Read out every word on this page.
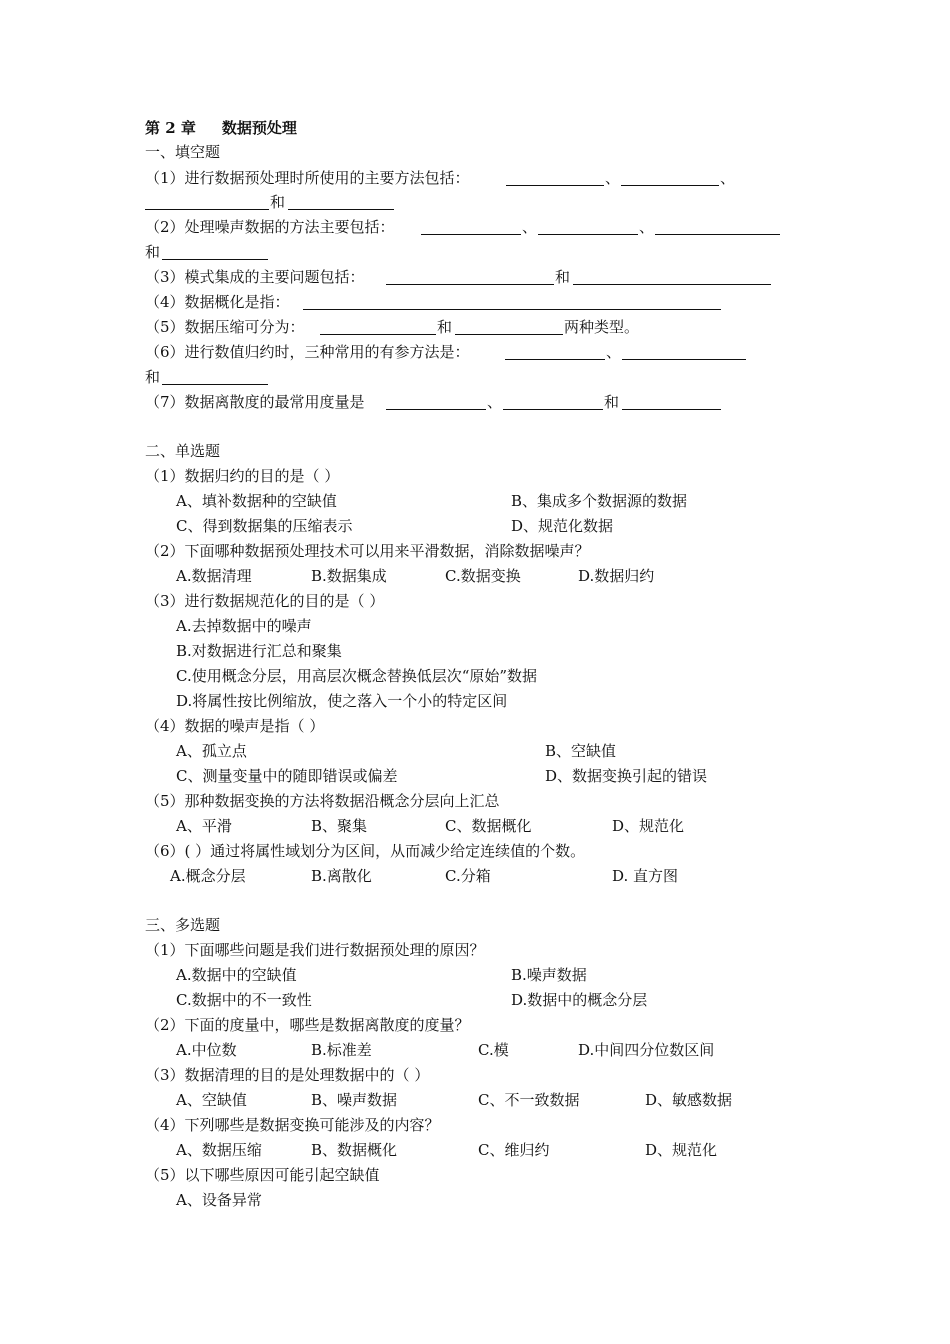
第 2 章 数据预处理
一、填空题
（1）进行数据预处理时所使用的主要方法包括：	、	、
和
（2）处理噪声数据的方法主要包括：	、	、
和
（3）模式集成的主要问题包括：	和
（4）数据概化是指：
（5）数据压缩可分为：	和	两种类型。
（6）进行数值归约时，三种常用的有参方法是：	、
和
（7）数据离散度的最常用度量是	、	和
二、单选题
（1）数据归约的目的是（ ）
A、填补数据种的空缺值	B、集成多个数据源的数据
C、得到数据集的压缩表示	D、规范化数据
（2）下面哪种数据预处理技术可以用来平滑数据，消除数据噪声？
A.数据清理	B.数据集成	C.数据变换	D.数据归约
（3）进行数据规范化的目的是（ ）
A.去掉数据中的噪声
B.对数据进行汇总和聚集
C.使用概念分层，用高层次概念替换低层次“原始”数据
D.将属性按比例缩放，使之落入一个小的特定区间
（4）数据的噪声是指（ ）
A、孤立点	B、空缺值
C、测量变量中的随即错误或偏差	D、数据变换引起的错误
（5）那种数据变换的方法将数据沿概念分层向上汇总
A、平滑	B、聚集	C、数据概化	D、规范化
（6）( ）通过将属性域划分为区间，从而减少给定连续值的个数。
A.概念分层	B.离散化	C.分箱	D. 直方图
三、多选题
（1）下面哪些问题是我们进行数据预处理的原因？
A.数据中的空缺值	B.噪声数据
C.数据中的不一致性	D.数据中的概念分层
（2）下面的度量中，哪些是数据离散度的度量？
A.中位数	B.标准差	C.模	D.中间四分位数区间
（3）数据清理的目的是处理数据中的（ ）
A、空缺值	B、噪声数据	C、不一致数据	D、敏感数据
（4）下列哪些是数据变换可能涉及的内容？
A、数据压缩	B、数据概化	C、维归约	D、规范化
（5）以下哪些原因可能引起空缺值
A、设备异常
